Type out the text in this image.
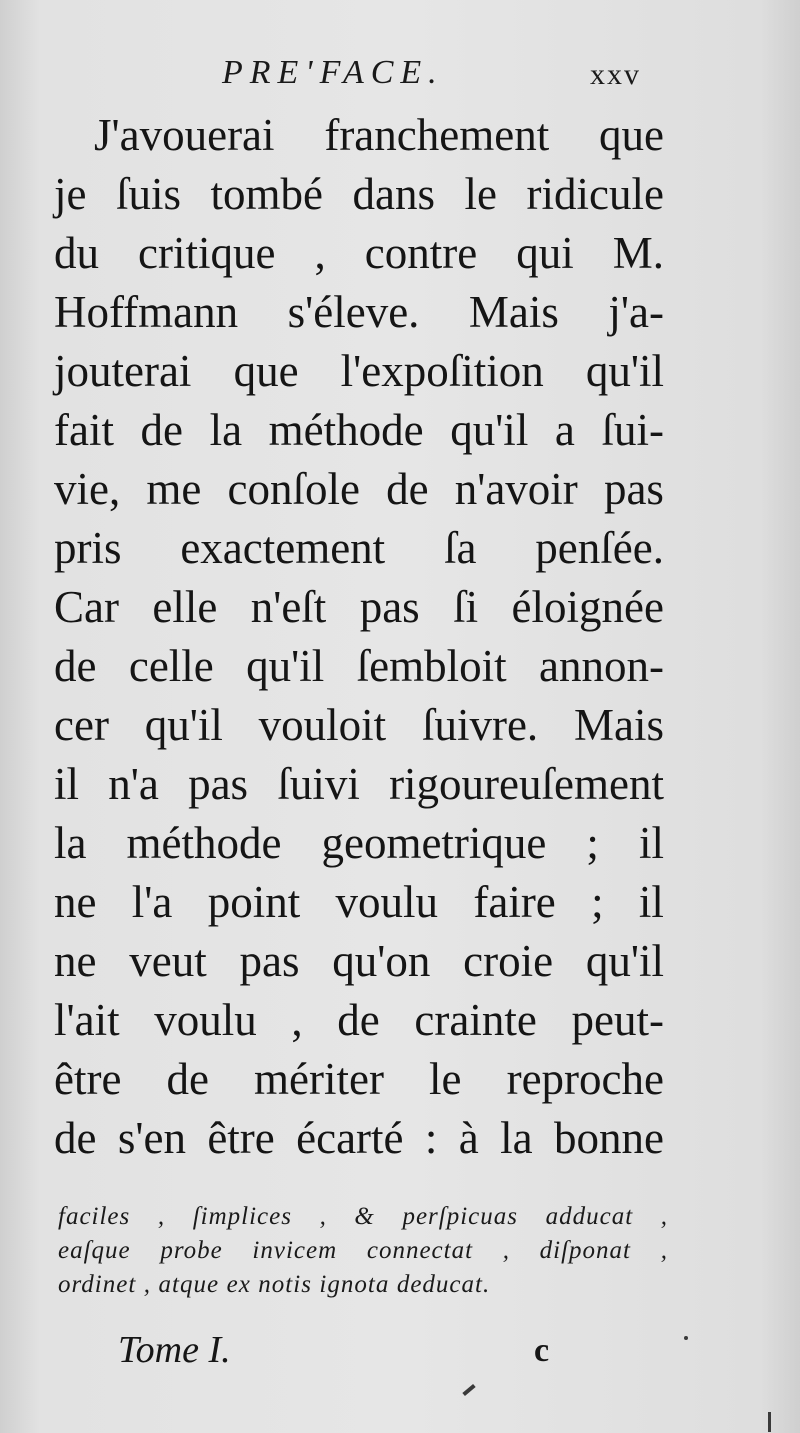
PRE'FACE.	xxv
J'avouerai franchement que
je ſuis tombé dans le ridicule
du critique , contre qui M.
Hoffmann s'éleve. Mais j'a-
jouterai que l'expoſition qu'il
fait de la méthode qu'il a ſui-
vie, me conſole de n'avoir pas
pris exactement ſa penſée.
Car elle n'eſt pas ſi éloignée
de celle qu'il ſembloit annon-
cer qu'il vouloit ſuivre. Mais
il n'a pas ſuivi rigoureuſement
la méthode geometrique ; il
ne l'a point voulu faire ; il
ne veut pas qu'on croie qu'il
l'ait voulu , de crainte peut-
être de mériter le reproche
de s'en être écarté : à la bonne
faciles , ſimplices , & perſpicuas adducat ,
eaſque probe invicem connectat , diſponat ,
ordinet , atque ex notis ignota deducat.
Tome I.	c
